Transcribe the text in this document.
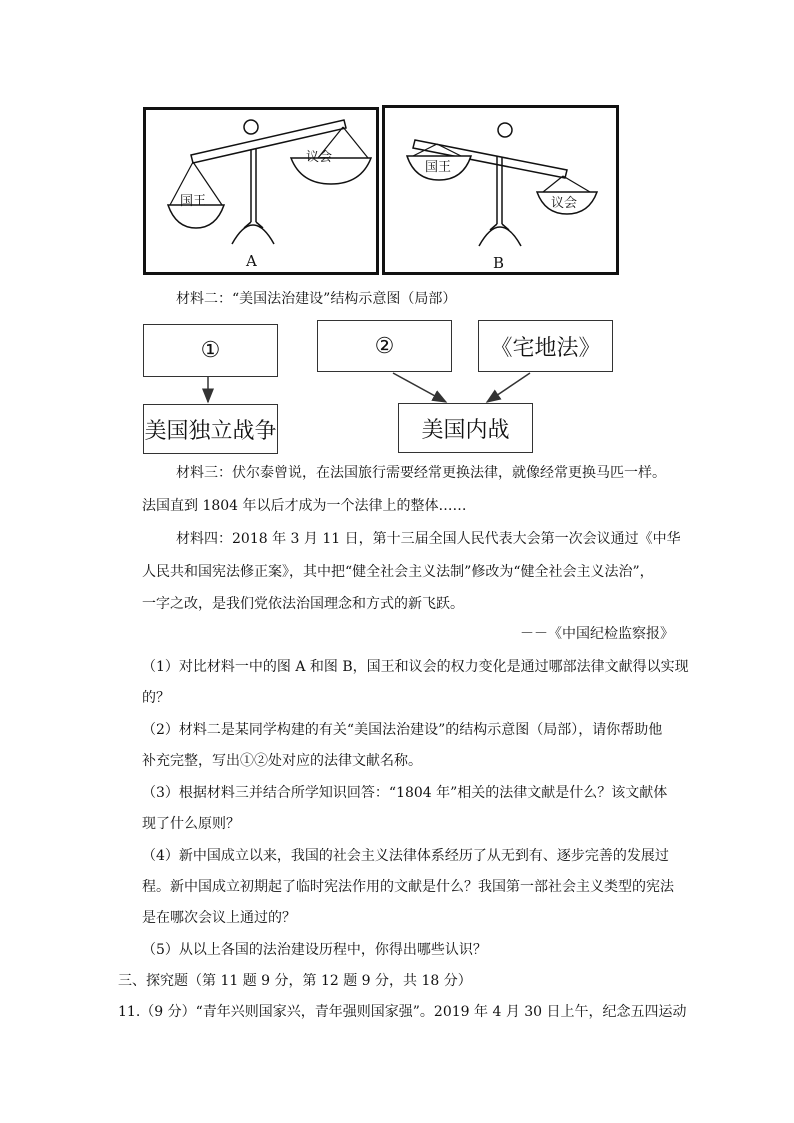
国王
议会
A
国王
议会
B
材料二：“美国法治建设”结构示意图（局部）
①	②	《宅地法》
美国独立战争	美国内战
材料三：伏尔泰曾说，在法国旅行需要经常更换法律，就像经常更换马匹一样。
法国直到 1804 年以后才成为一个法律上的整体……
材料四：2018 年 3 月 11 日，第十三届全国人民代表大会第一次会议通过《中华
人民共和国宪法修正案》，其中把“健全社会主义法制”修改为“健全社会主义法治”，
一字之改，是我们党依法治国理念和方式的新飞跃。
－－《中国纪检监察报》
（1）对比材料一中的图 A 和图 B，国王和议会的权力变化是通过哪部法律文献得以实现
的？
（2）材料二是某同学构建的有关“美国法治建设”的结构示意图（局部），请你帮助他
补充完整，写出①②处对应的法律文献名称。
（3）根据材料三并结合所学知识回答：“1804 年”相关的法律文献是什么？该文献体
现了什么原则？
（4）新中国成立以来，我国的社会主义法律体系经历了从无到有、逐步完善的发展过
程。新中国成立初期起了临时宪法作用的文献是什么？我国第一部社会主义类型的宪法
是在哪次会议上通过的？
（5）从以上各国的法治建设历程中，你得出哪些认识？
三、探究题（第 11 题 9 分，第 12 题 9 分，共 18 分）
11.（9 分）“青年兴则国家兴，青年强则国家强”。2019 年 4 月 30 日上午，纪念五四运动
